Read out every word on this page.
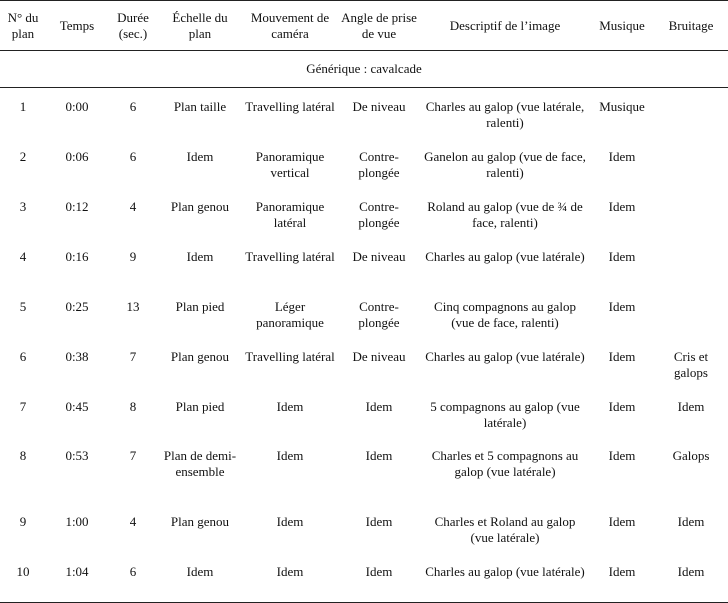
N° du plan	Temps	Durée (sec.)	Échelle du plan	Mouvement de caméra	Angle de prise de vue	Descriptif de l’image	Musique	Bruitage
Générique : cavalcade								
1	0:00	6	Plan taille	Travelling latéral	De niveau	Charles au galop (vue latérale, ralenti)	Musique	
2	0:06	6	Idem	Panoramique vertical	Contre-plongée	Ganelon au galop (vue de face, ralenti)	Idem	
3	0:12	4	Plan genou	Panoramique latéral	Contre-plongée	Roland au galop (vue de ¾ de face, ralenti)	Idem	
4	0:16	9	Idem	Travelling latéral	De niveau	Charles au galop (vue latérale)	Idem	
5	0:25	13	Plan pied	Léger panoramique	Contre-plongée	Cinq compagnons au galop (vue de face, ralenti)	Idem	
6	0:38	7	Plan genou	Travelling latéral	De niveau	Charles au galop (vue latérale)	Idem	Cris et galops
7	0:45	8	Plan pied	Idem	Idem	5 compagnons au galop (vue latérale)	Idem	Idem
8	0:53	7	Plan de demi-ensemble	Idem	Idem	Charles et 5 compagnons au galop (vue latérale)	Idem	Galops
9	1:00	4	Plan genou	Idem	Idem	Charles et Roland au galop (vue latérale)	Idem	Idem
10	1:04	6	Idem	Idem	Idem	Charles au galop (vue latérale)	Idem	Idem
